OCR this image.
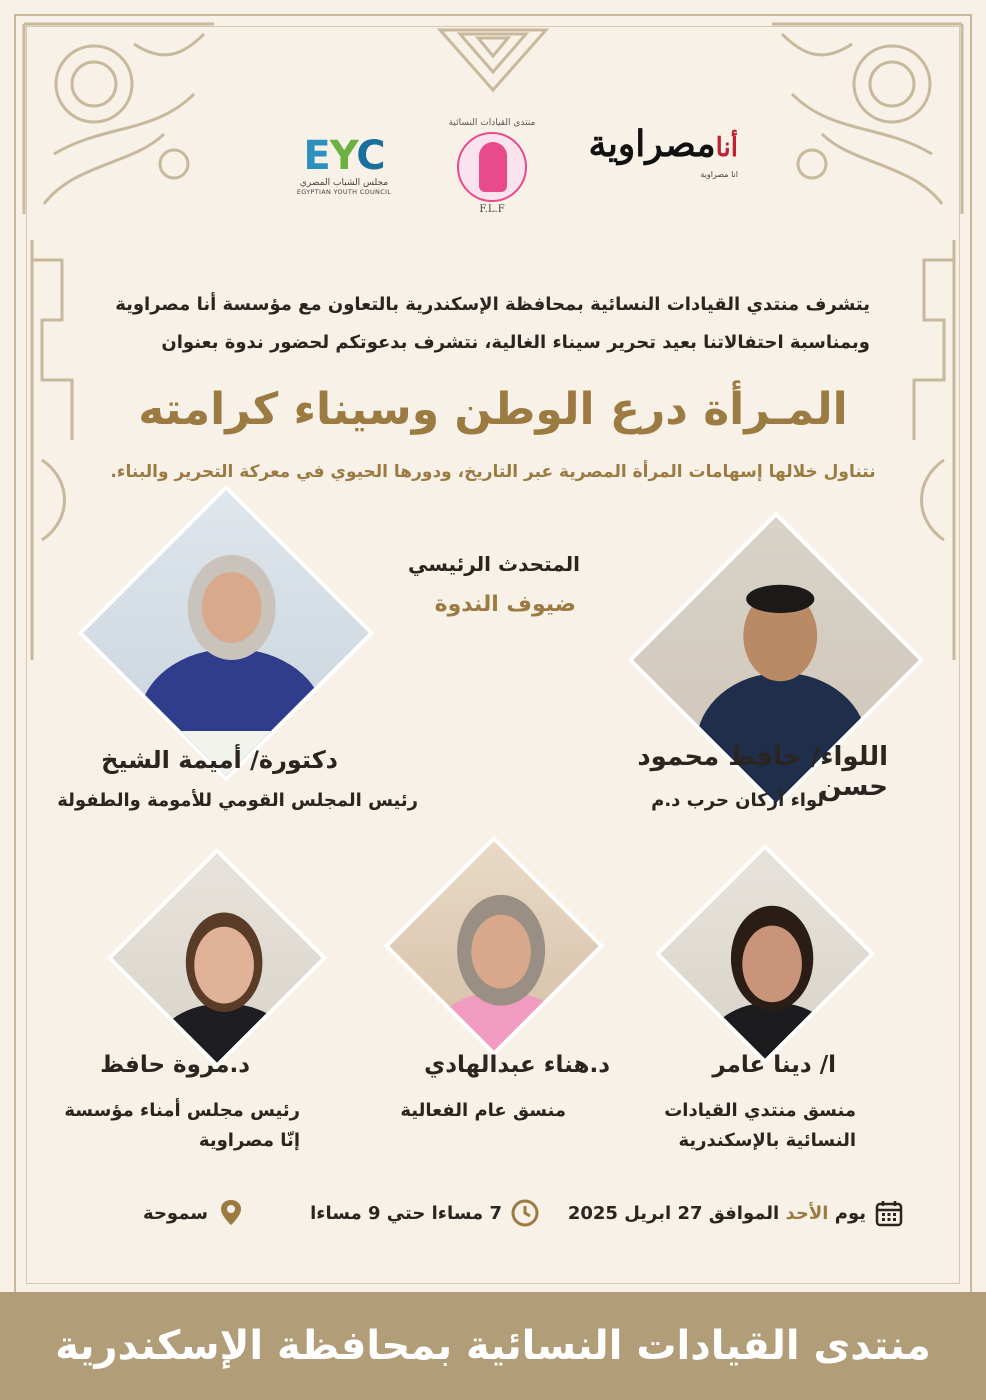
EYC
مجلس الشباب المصري
EGYPTIAN YOUTH COUNCIL
منتدى القيادات النسائية
F.L.F
أنامصراوية
انا مصراوية
يتشرف منتدي القيادات النسائية بمحافظة الإسكندرية بالتعاون مع مؤسسة أنا مصراوية
وبمناسبة احتفالاتنا بعيد تحرير سيناء الغالية، نتشرف بدعوتكم لحضور ندوة بعنوان
المـرأة درع الوطن وسيناء كرامته
نتناول خلالها إسهامات المرأة المصرية عبر التاريخ، ودورها الحيوي في معركة التحرير والبناء.
المتحدث الرئيسي
ضيوف الندوة
اللواء/ حافظ محمود حسن
لواء أركان حرب د.م
دكتورة/ أميمة الشيخ
رئيس المجلس القومي للأمومة والطفولة
ا/ دينا عامر
منسق منتدي القيادات
النسائية بالإسكندرية
د.هناء عبدالهادي
منسق عام الفعالية
د.مروة حافظ
رئيس مجلس أمناء مؤسسة
إنّا مصراوية
يوم

الأحد

الموافق 27 ابريل 2025
7 مساءا حتي 9 مساءا
سموحة
منتدى القيادات النسائية بمحافظة الإسكندرية
